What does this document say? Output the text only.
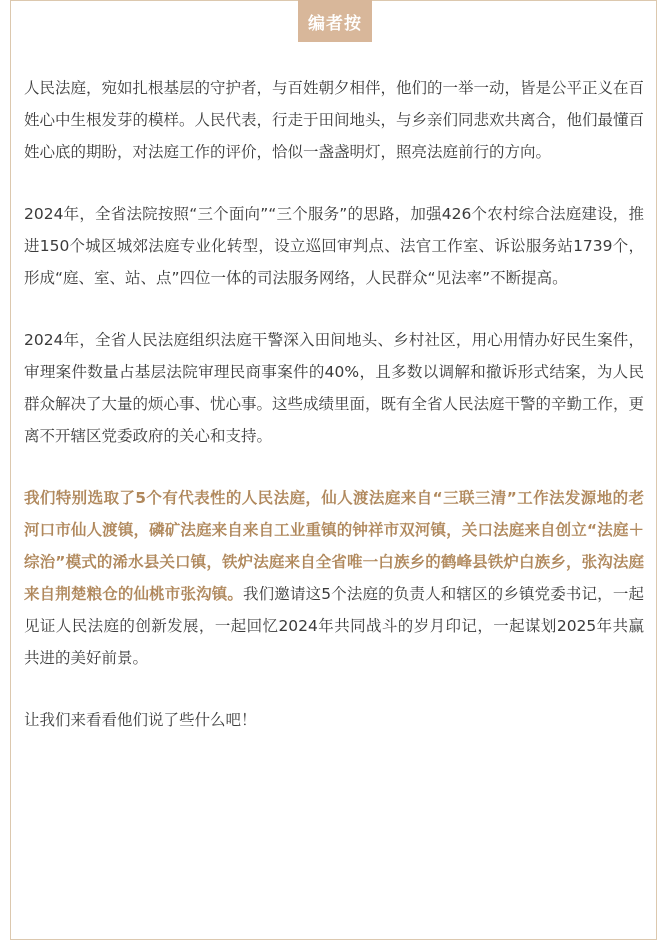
编者按

人民法庭，宛如扎根基层的守护者，与百姓朝夕相伴，他们的一举一动，皆是公平正义在百姓心中生根发芽的模样。人民代表，行走于田间地头，与乡亲们同悲欢共离合，他们最懂百姓心底的期盼，对法庭工作的评价，恰似一盏盏明灯，照亮法庭前行的方向。

2024年，全省法院按照“三个面向”“三个服务”的思路，加强426个农村综合法庭建设，推进150个城区城郊法庭专业化转型，设立巡回审判点、法官工作室、诉讼服务站1739个，形成“庭、室、站、点”四位一体的司法服务网络，人民群众“见法率”不断提高。

2024年，全省人民法庭组织法庭干警深入田间地头、乡村社区，用心用情办好民生案件，审理案件数量占基层法院审理民商事案件的40%，且多数以调解和撤诉形式结案，为人民群众解决了大量的烦心事、忧心事。这些成绩里面，既有全省人民法庭干警的辛勤工作，更离不开辖区党委政府的关心和支持。

我们特别选取了5个有代表性的人民法庭，仙人渡法庭来自“三联三清”工作法发源地的老河口市仙人渡镇，磷矿法庭来自来自工业重镇的钟祥市双河镇，关口法庭来自创立“法庭＋综治”模式的浠水县关口镇，铁炉法庭来自全省唯一白族乡的鹤峰县铁炉白族乡，张沟法庭来自荆楚粮仓的仙桃市张沟镇。我们邀请这5个法庭的负责人和辖区的乡镇党委书记，一起见证人民法庭的创新发展，一起回忆2024年共同战斗的岁月印记，一起谋划2025年共赢共进的美好前景。

让我们来看看他们说了些什么吧！
